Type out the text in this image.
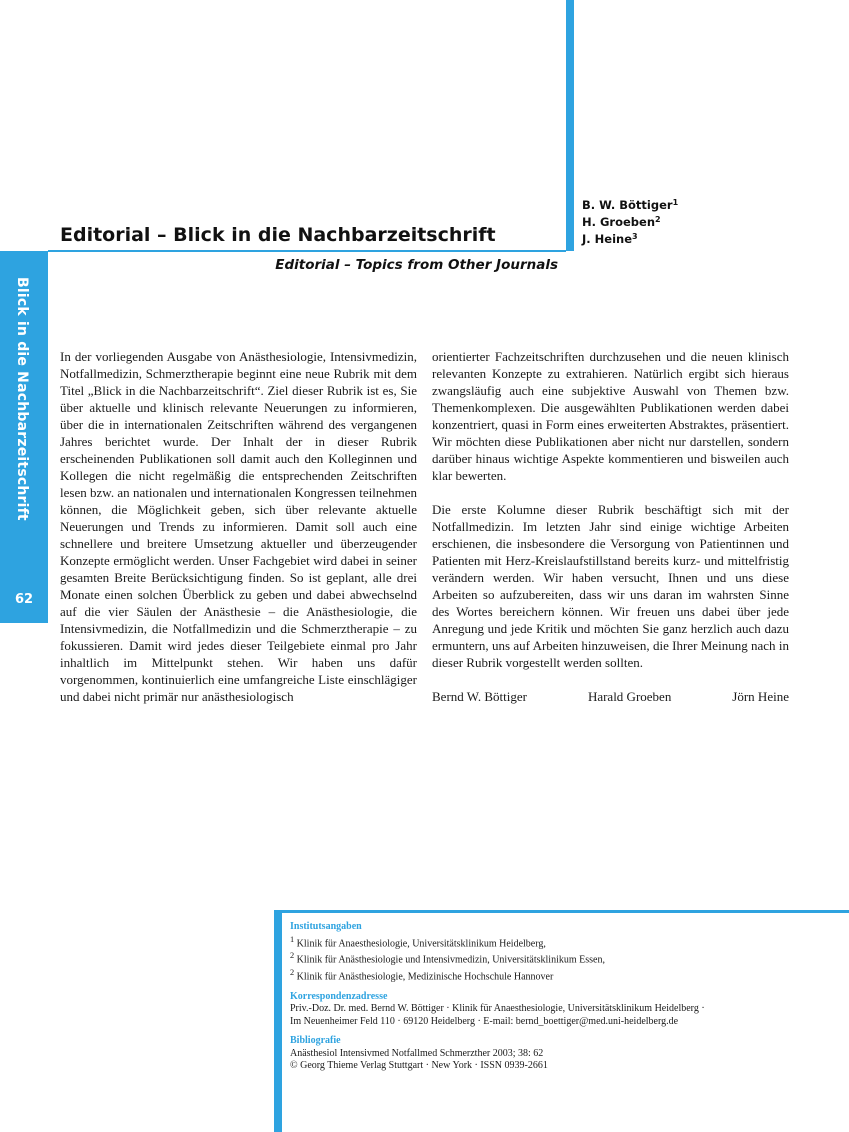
Blick in die Nachbarzeitschrift
62
B. W. Böttiger$^1$
H. Groeben$^2$
J. Heine$^3$
Editorial – Blick in die Nachbarzeitschrift
Editorial – Topics from Other Journals

In der vorliegenden Ausgabe von Anästhesiologie, Intensivmedizin, Notfallmedizin, Schmerztherapie beginnt eine neue Rubrik mit dem Titel „Blick in die Nachbarzeitschrift“. Ziel dieser Rubrik ist es, Sie über aktuelle und klinisch relevante Neuerungen zu informieren, über die in internationalen Zeitschriften während des vergangenen Jahres berichtet wurde. Der Inhalt der in dieser Rubrik erscheinenden Publikationen soll damit auch den Kolleginnen und Kollegen die nicht regelmäßig die entsprechenden Zeitschriften lesen bzw. an nationalen und internationalen Kongressen teilnehmen können, die Möglichkeit geben, sich über relevante aktuelle Neuerungen und Trends zu informieren. Damit soll auch eine schnellere und breitere Umsetzung aktueller und überzeugender Konzepte ermöglicht werden. Unser Fachgebiet wird dabei in seiner gesamten Breite Berücksichtigung finden. So ist geplant, alle drei Monate einen solchen Überblick zu geben und dabei abwechselnd auf die vier Säulen der Anästhesie – die Anästhesiologie, die Intensivmedizin, die Notfallmedizin und die Schmerztherapie – zu fokussieren. Damit wird jedes dieser Teilgebiete einmal pro Jahr inhaltlich im Mittelpunkt stehen. Wir haben uns dafür vorgenommen, kontinuierlich eine umfangreiche Liste einschlägiger und dabei nicht primär nur anästhesiologisch

orientierter Fachzeitschriften durchzusehen und die neuen klinisch relevanten Konzepte zu extrahieren. Natürlich ergibt sich hieraus zwangsläufig auch eine subjektive Auswahl von Themen bzw. Themenkomplexen. Die ausgewählten Publikationen werden dabei konzentriert, quasi in Form eines erweiterten Abstraktes, präsentiert. Wir möchten diese Publikationen aber nicht nur darstellen, sondern darüber hinaus wichtige Aspekte kommentieren und bisweilen auch klar bewerten.

Die erste Kolumne dieser Rubrik beschäftigt sich mit der Notfallmedizin. Im letzten Jahr sind einige wichtige Arbeiten erschienen, die insbesondere die Versorgung von Patientinnen und Patienten mit Herz-Kreislaufstillstand bereits kurz- und mittelfristig verändern werden. Wir haben versucht, Ihnen und uns diese Arbeiten so aufzubereiten, dass wir uns daran im wahrsten Sinne des Wortes bereichern können. Wir freuen uns dabei über jede Anregung und jede Kritik und möchten Sie ganz herzlich auch dazu ermuntern, uns auf Arbeiten hinzuweisen, die Ihrer Meinung nach in dieser Rubrik vorgestellt werden sollten.

Bernd W. Böttiger	Harald Groeben	Jörn Heine
Institutsangaben

$^1$ Klinik für Anaesthesiologie, Universitätsklinikum Heidelberg,

$^2$ Klinik für Anästhesiologie und Intensivmedizin, Universitätsklinikum Essen,

$^2$ Klinik für Anästhesiologie, Medizinische Hochschule Hannover

Korrespondenzadresse

Priv.-Doz. Dr. med. Bernd W. Böttiger · Klinik für Anaesthesiologie, Universitätsklinikum Heidelberg ·

Im Neuenheimer Feld 110 · 69120 Heidelberg · E-mail: bernd_boettiger@med.uni-heidelberg.de

Bibliografie

Anästhesiol Intensivmed Notfallmed Schmerzther 2003; 38: 62

© Georg Thieme Verlag Stuttgart · New York · ISSN 0939-2661
